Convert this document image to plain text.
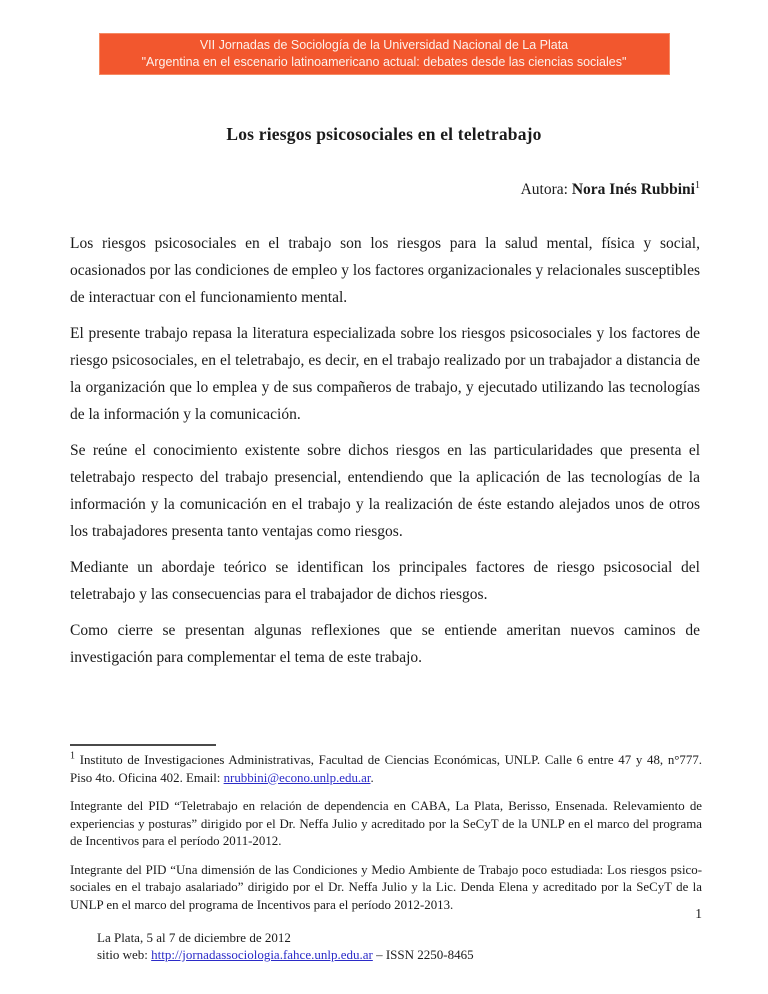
VII Jornadas de Sociología de la Universidad Nacional de La Plata
"Argentina en el escenario latinoamericano actual: debates desde las ciencias sociales"
Los riesgos psicosociales en el teletrabajo
Autora: Nora Inés Rubbini$^1$

Los riesgos psicosociales en el trabajo son los riesgos para la salud mental, física y social, ocasionados por las condiciones de empleo y los factores organizacionales y relacionales susceptibles de interactuar con el funcionamiento mental.

El presente trabajo repasa la literatura especializada sobre los riesgos psicosociales y los factores de riesgo psicosociales, en el teletrabajo, es decir, en el trabajo realizado por un trabajador a distancia de la organización que lo emplea y de sus compañeros de trabajo, y ejecutado utilizando las tecnologías de la información y la comunicación.

Se reúne el conocimiento existente sobre dichos riesgos en las particularidades que presenta el teletrabajo respecto del trabajo presencial, entendiendo que la aplicación de las tecnologías de la información y la comunicación en el trabajo y la realización de éste estando alejados unos de otros los trabajadores presenta tanto ventajas como riesgos.

Mediante un abordaje teórico se identifican los principales factores de riesgo psicosocial del teletrabajo y las consecuencias para el trabajador de dichos riesgos.

Como cierre se presentan algunas reflexiones que se entiende ameritan nuevos caminos de investigación para complementar el tema de este trabajo.

$^1$ Instituto de Investigaciones Administrativas, Facultad de Ciencias Económicas, UNLP. Calle 6 entre 47 y 48, n°777. Piso 4to. Oficina 402. Email: nrubbini@econo.unlp.edu.ar.

Integrante del PID “Teletrabajo en relación de dependencia en CABA, La Plata, Berisso, Ensenada. Relevamiento de experiencias y posturas” dirigido por el Dr. Neffa Julio y acreditado por la SeCyT de la UNLP en el marco del programa de Incentivos para el período 2011-2012.

Integrante del PID “Una dimensión de las Condiciones y Medio Ambiente de Trabajo poco estudiada: Los riesgos psico-sociales en el trabajo asalariado” dirigido por el Dr. Neffa Julio y la Lic. Denda Elena y acreditado por la SeCyT de la UNLP en el marco del programa de Incentivos para el período 2012-2013.

1
La Plata, 5 al 7 de diciembre de 2012
sitio web: http://jornadassociologia.fahce.unlp.edu.ar – ISSN 2250-8465
